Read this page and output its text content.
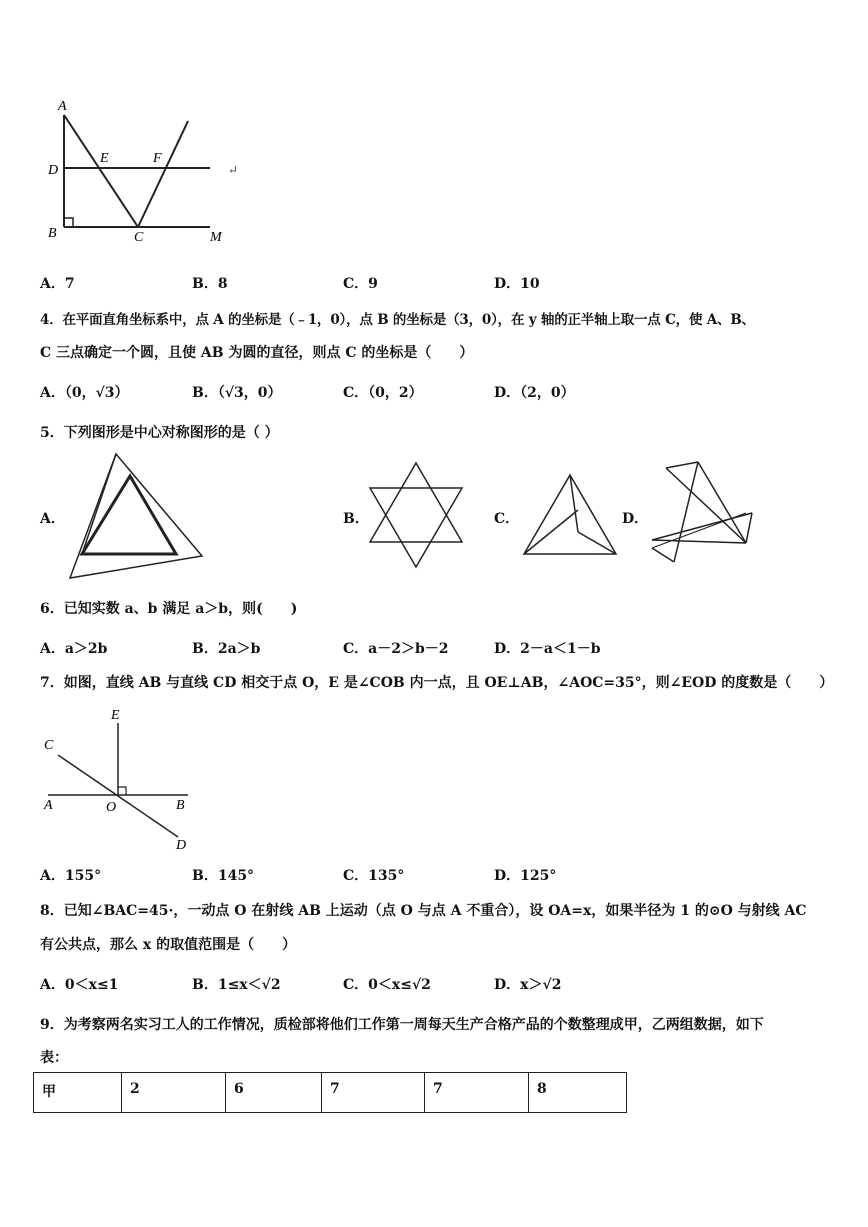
A
D
E	F
B	C	M
↵
A．7	B．8	C．9	D．10
4．在平面直角坐标系中，点 A 的坐标是（﹣1，0），点 B 的坐标是（3，0），在 y 轴的正半轴上取一点 C，使 A、B、
C 三点确定一个圆，且使 AB 为圆的直径，则点 C 的坐标是（　　）
A．（0，√3）	B．（√3，0）	C．（0，2）	D．（2，0）
5．下列图形是中心对称图形的是（ ）
A．	B．	C．	D．
6．已知实数 a、b 满足 a＞b，则(　　)
A．a＞2b	B．2a＞b	C．a－2＞b－2	D．2－a＜1－b
7．如图，直线 AB 与直线 CD 相交于点 O，E 是∠COB 内一点，且 OE⊥AB，∠AOC=35°，则∠EOD 的度数是（　　）
E
C
A	O	B
D
A．155°	B．145°	C．135°	D．125°
8．已知∠BAC=45·，一动点 O 在射线 AB 上运动（点 O 与点 A 不重合），设 OA=x，如果半径为 1 的⊙O 与射线 AC
有公共点，那么 x 的取值范围是（　　）
A．0＜x≤1	B．1≤x＜√2	C．0＜x≤√2	D．x＞√2
9．为考察两名实习工人的工作情况，质检部将他们工作第一周每天生产合格产品的个数整理成甲，乙两组数据，如下
表：
甲	2	6	7	7	8
